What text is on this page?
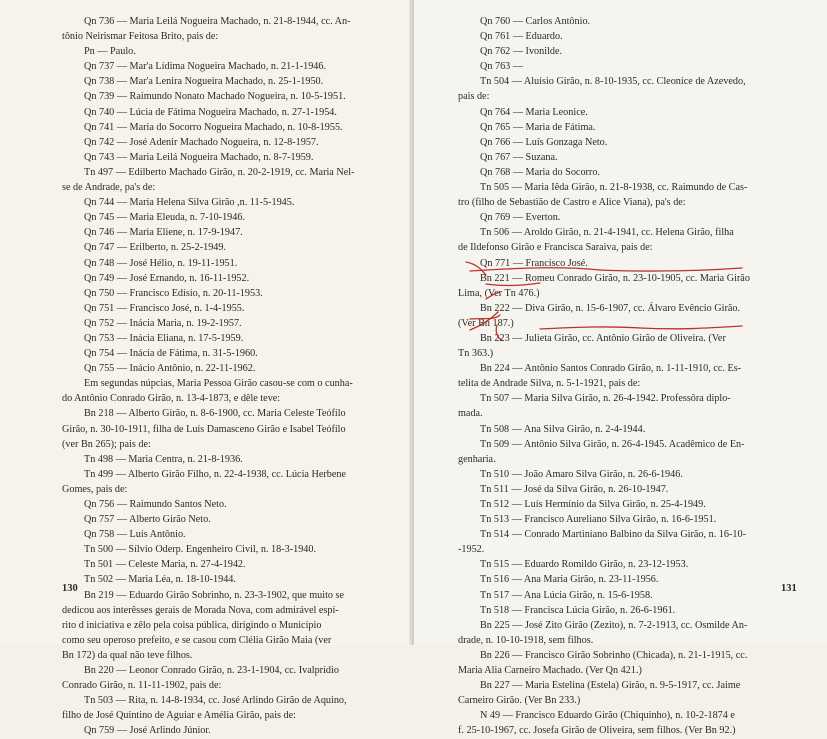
Qn 736 — Maria Leilá Nogueira Machado, n. 21-8-1944, cc. An-
tônio Neirismar Feitosa Brito, pais de:
Pn — Paulo.
Qn 737 — Mar'a Lídima Nogueira Machado, n. 21-1-1946.
Qn 738 — Mar'a Lenira Nogueira Machado, n. 25-1-1950.
Qn 739 — Raimundo Nonato Machado Nogueira, n. 10-5-1951.
Qn 740 — Lúcia de Fátima Nogueira Machado, n. 27-1-1954.
Qn 741 — Maria do Socorro Nogueira Machado, n. 10-8-1955.
Qn 742 — José Adenir Machado Nogueira, n. 12-8-1957.
Qn 743 — Maria Leilá Nogueira Machado, n. 8-7-1959.
Tn 497 — Edilberto Machado Girão, n. 20-2-1919, cc. Maria Nel-
se de Andrade, pa's de:
Qn 744 — Maria Helena Silva Girão ,n. 11-5-1945.
Qn 745 — Maria Eleuda, n. 7-10-1946.
Qn 746 — Maria Eliene, n. 17-9-1947.
Qn 747 — Erilberto, n. 25-2-1949.
Qn 748 — José Hélio, n. 19-11-1951.
Qn 749 — José Ernando, n. 16-11-1952.
Qn 750 — Francisco Edísio, n. 20-11-1953.
Qn 751 — Francisco José, n. 1-4-1955.
Qn 752 — Inácia Maria, n. 19-2-1957.
Qn 753 — Inácia Eliana, n. 17-5-1959.
Qn 754 — Inácia de Fátima, n. 31-5-1960.
Qn 755 — Inácio Antônio, n. 22-11-1962.
Em segundas núpcias, Maria Pessoa Girão casou-se com o cunha-
do Antônio Conrado Girão, n. 13-4-1873, e dêle teve:
Bn 218 — Alberto Girão, n. 8-6-1900, cc. Maria Celeste Teófilo
Girão, n. 30-10-1911, filha de Luís Damasceno Girão e Isabel Teófilo
(ver Bn 265); pais de:
Tn 498 — Maria Centra, n. 21-8-1936.
Tn 499 — Alberto Girão Filho, n. 22-4-1938, cc. Lúcia Herbene
Gomes, pais de:
Qn 756 — Raimundo Santos Neto.
Qn 757 — Alberto Girão Neto.
Qn 758 — Luís Antônio.
Tn 500 — Sílvio Oderp. Engenheiro Civil, n. 18-3-1940.
Tn 501 — Celeste Maria, n. 27-4-1942.
Tn 502 — Maria Léa, n. 18-10-1944.
Bn 219 — Eduardo Girão Sobrinho, n. 23-3-1902, que muito se
dedicou aos interêsses gerais de Morada Nova, com admirável espí-
rito d iniciativa e zêlo pela coisa pública, dirigindo o Município
como seu operoso prefeito, e se casou com Clélia Girão Maia (ver
Bn 172) da qual não teve filhos.
Bn 220 — Leonor Conrado Girão, n. 23-1-1904, cc. Ivalprídio
Conrado Girão, n. 11-11-1902, pais de:
Tn 503 — Rita, n. 14-8-1934, cc. José Arlindo Girão de Aquino,
filho de José Quintino de Aguiar e Amélia Girão, pais de:
Qn 759 — José Arlindo Júnior.
130
Qn 760 — Carlos Antônio.
Qn 761 — Eduardo.
Qn 762 — Ivonilde.
Qn 763 —
Tn 504 — Aluísio Girão, n. 8-10-1935, cc. Cleonice de Azevedo,
pais de:
Qn 764 — Maria Leonice.
Qn 765 — Maria de Fátima.
Qn 766 — Luís Gonzaga Neto.
Qn 767 — Suzana.
Qn 768 — Maria do Socorro.
Tn 505 — Maria Iêda Girão, n. 21-8-1938, cc. Raimundo de Cas-
tro (filho de Sebastião de Castro e Alice Viana), pa's de:
Qn 769 — Everton.
Tn 506 — Aroldo Girão, n. 21-4-1941, cc. Helena Girão, filha
de Ildefonso Girão e Francisca Saraiva, pais de:
Qn 771 — Francisco José.
Bn 221 — Romeu Conrado Girão, n. 23-10-1905, cc. Maria Girão
Lima, (Ver Tn 476.)
Bn 222 — Diva Girão, n. 15-6-1907, cc. Álvaro Evêncio Girão.
(Ver Bn 187.)
Bn 223 — Julieta Girão, cc. Antônio Girão de Oliveira. (Ver
Tn 363.)
Bn 224 — Antônio Santos Conrado Girão, n. 1-11-1910, cc. Es-
telita de Andrade Silva, n. 5-1-1921, pais de:
Tn 507 — Maria Silva Girão, n. 26-4-1942. Professôra diplo-
mada.
Tn 508 — Ana Silva Girão, n. 2-4-1944.
Tn 509 — Antônio Silva Girão, n. 26-4-1945. Acadêmico de En-
genharia.
Tn 510 — João Amaro Silva Girão, n. 26-6-1946.
Tn 511 — José da Silva Girão, n. 26-10-1947.
Tn 512 — Luís Hermínio da Silva Girão, n. 25-4-1949.
Tn 513 — Francisco Aureliano Silva Girão, n. 16-6-1951.
Tn 514 — Conrado Martiniano Balbino da Silva Girão, n. 16-10-
-1952.
Tn 515 — Eduardo Romildo Girão, n. 23-12-1953.
Tn 516 — Ana Maria Girão, n. 23-11-1956.
Tn 517 — Ana Lúcia Girão, n. 15-6-1958.
Tn 518 — Francisca Lúcia Girão, n. 26-6-1961.
Bn 225 — José Zito Girão (Zezito), n. 7-2-1913, cc. Osmilde An-
drade, n. 10-10-1918, sem filhos.
Bn 226 — Francisco Girão Sobrinho (Chicada), n. 21-1-1915, cc.
Maria Alia Carneiro Machado. (Ver Qn 421.)
Bn 227 — Maria Estelina (Estela) Girão, n. 9-5-1917, cc. Jaime
Carneiro Girão. (Ver Bn 233.)
N 49 — Francisco Eduardo Girão (Chiquinho), n. 10-2-1874 e
f. 25-10-1967, cc. Josefa Girão de Oliveira, sem filhos. (Ver Bn 92.)
131
